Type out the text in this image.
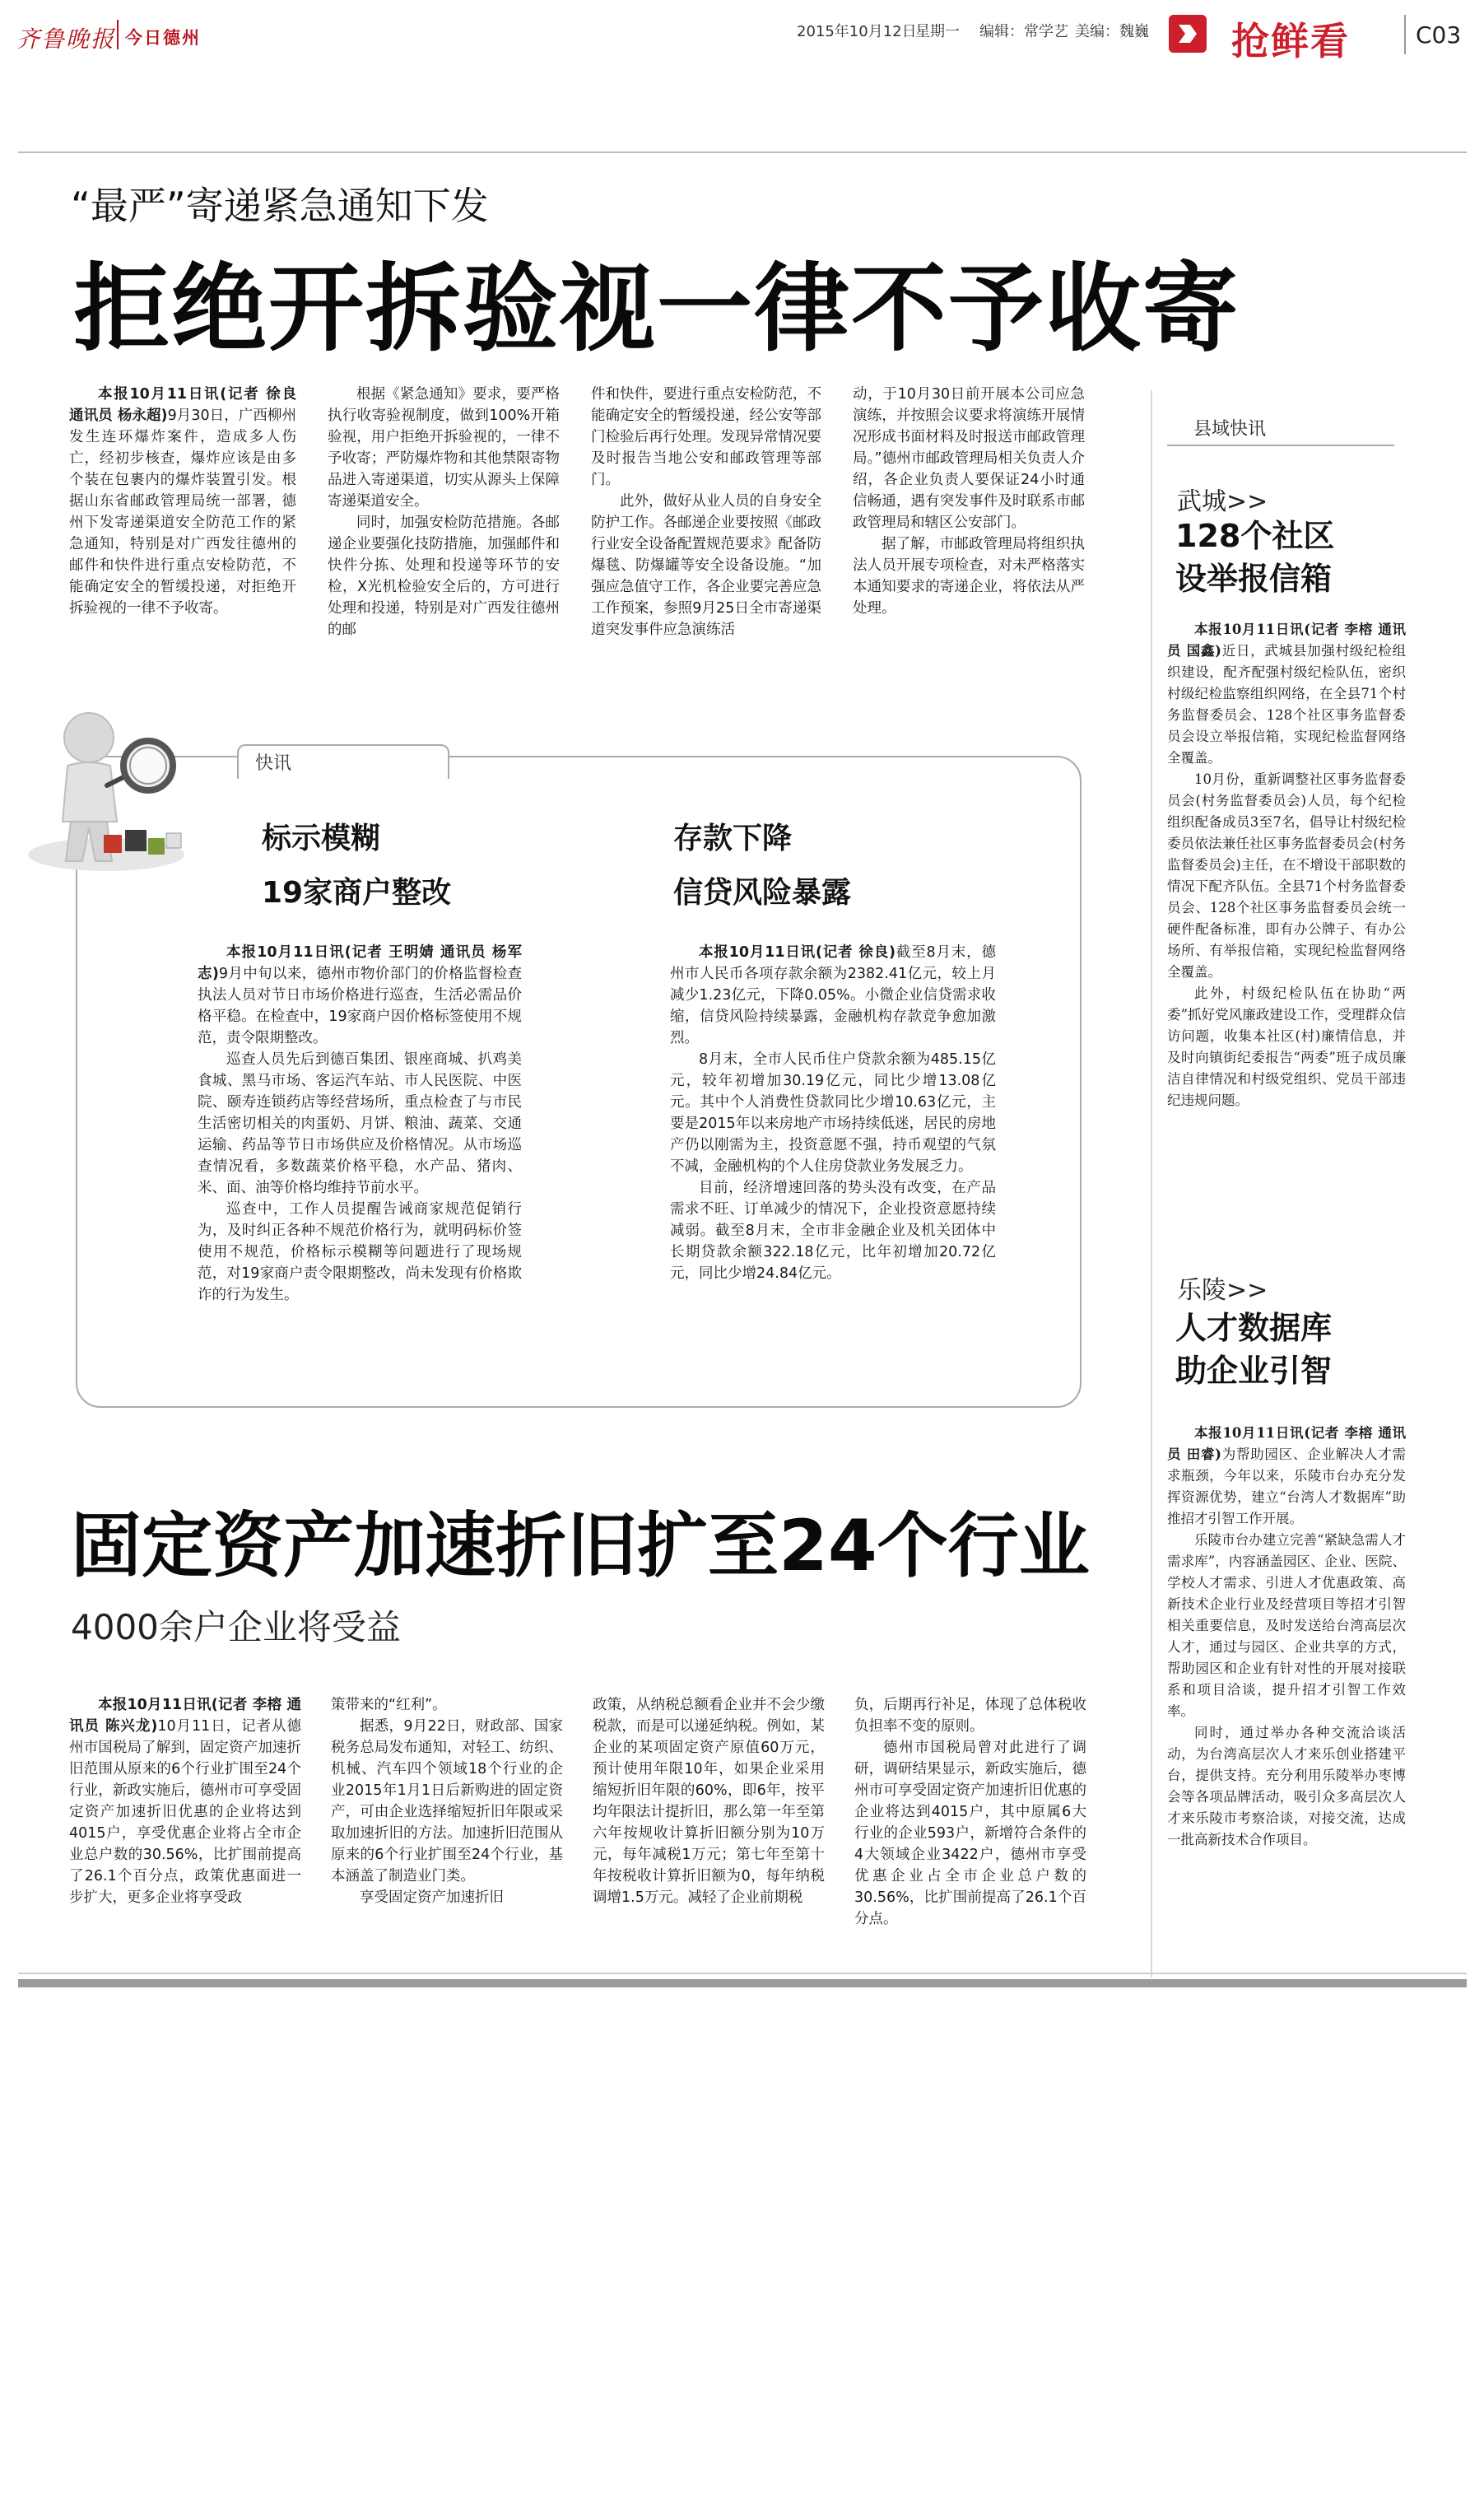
齐鲁晚报 今日德州	2015年10月12日
星期一 编辑：常学艺 美编：魏巍 抢鲜看	C03
“最严”寄递紧急通知下发
拒绝开拆验视一律不予收寄

本报10月11日讯(记者 徐良 通讯员 杨永超)9月30日，广西柳州发生连环爆炸案件，造成多人伤亡，经初步核查，爆炸应该是由多个装在包裹内的爆炸装置引发。根据山东省邮政管理局统一部署，德州下发寄递渠道安全防范工作的紧急通知，特别是对广西发往德州的邮件和快件进行重点安检防范，不能确定安全的暂缓投递，对拒绝开拆验视的一律不予收寄。

根据《紧急通知》要求，要严格执行收寄验视制度，做到100%开箱验视，用户拒绝开拆验视的，一律不予收寄；严防爆炸物和其他禁限寄物品进入寄递渠道，切实从源头上保障寄递渠道安全。

同时，加强安检防范措施。各邮递企业要强化技防措施，加强邮件和快件分拣、处理和投递等环节的安检，X光机检验安全后的，方可进行处理和投递，特别是对广西发往德州的邮

件和快件，要进行重点安检防范，不能确定安全的暂缓投递，经公安等部门检验后再行处理。发现异常情况要及时报告当地公安和邮政管理等部门。

此外，做好从业人员的自身安全防护工作。各邮递企业要按照《邮政行业安全设备配置规范要求》配备防爆毯、防爆罐等安全设备设施。“加强应急值守工作，各企业要完善应急工作预案，参照9月25日全市寄递渠道突发事件应急演练活

动，于10月30日前开展本公司应急演练，并按照会议要求将演练开展情况形成书面材料及时报送市邮政管理局。”德州市邮政管理局相关负责人介绍，各企业负责人要保证24小时通信畅通，遇有突发事件及时联系市邮政管理局和辖区公安部门。

据了解，市邮政管理局将组织执法人员开展专项检查，对未严格落实本通知要求的寄递企业，将依法从严处理。

快讯
标示模糊
19家商户整改

本报10月11日讯(记者 王明婧 通讯员 杨军志)9月中旬以来，德州市物价部门的价格监督检查执法人员对节日市场价格进行巡查，生活必需品价格平稳。在检查中，19家商户因价格标签使用不规范，责令限期整改。

巡查人员先后到德百集团、银座商城、扒鸡美食城、黑马市场、客运汽车站、市人民医院、中医院、颐寿连锁药店等经营场所，重点检查了与市民生活密切相关的肉蛋奶、月饼、粮油、蔬菜、交通运输、药品等节日市场供应及价格情况。从市场巡查情况看，多数蔬菜价格平稳，水产品、猪肉、米、面、油等价格均维持节前水平。

巡查中，工作人员提醒告诫商家规范促销行为，及时纠正各种不规范价格行为，就明码标价签使用不规范，价格标示模糊等问题进行了现场规范，对19家商户责令限期整改，尚未发现有价格欺诈的行为发生。

存款下降
信贷风险暴露

本报10月11日讯(记者 徐良)截至8月末，德州市人民币各项存款余额为2382.41亿元，较上月减少1.23亿元，下降0.05%。小微企业信贷需求收缩，信贷风险持续暴露，金融机构存款竞争愈加激烈。

8月末，全市人民币住户贷款余额为485.15亿元，较年初增加30.19亿元，同比少增13.08亿元。其中个人消费性贷款同比少增10.63亿元，主要是2015年以来房地产市场持续低迷，居民的房地产仍以刚需为主，投资意愿不强，持币观望的气氛不减，金融机构的个人住房贷款业务发展乏力。

目前，经济增速回落的势头没有改变，在产品需求不旺、订单减少的情况下，企业投资意愿持续减弱。截至8月末，全市非金融企业及机关团体中长期贷款余额322.18亿元，比年初增加20.72亿元，同比少增24.84亿元。

固定资产加速折旧扩至24个行业
4000余户企业将受益

本报10月11日讯(记者 李榕 通讯员 陈兴龙)10月11日，记者从德州市国税局了解到，固定资产加速折旧范围从原来的6个行业扩围至24个行业，新政实施后，德州市可享受固定资产加速折旧优惠的企业将达到4015户，享受优惠企业将占全市企业总户数的30.56%，比扩围前提高了26.1个百分点，政策优惠面进一步扩大，更多企业将享受政

策带来的“红利”。

据悉，9月22日，财政部、国家税务总局发布通知，对轻工、纺织、机械、汽车四个领域18个行业的企业2015年1月1日后新购进的固定资产，可由企业选择缩短折旧年限或采取加速折旧的方法。加速折旧范围从原来的6个行业扩围至24个行业，基本涵盖了制造业门类。

享受固定资产加速折旧

政策，从纳税总额看企业并不会少缴税款，而是可以递延纳税。例如，某企业的某项固定资产原值60万元，预计使用年限10年，如果企业采用缩短折旧年限的60%，即6年，按平均年限法计提折旧，那么第一年至第六年按规收计算折旧额分别为10万元，每年减税1万元；第七年至第十年按税收计算折旧额为0，每年纳税调增1.5万元。减轻了企业前期税

负，后期再行补足，体现了总体税收负担率不变的原则。

德州市国税局曾对此进行了调研，调研结果显示，新政实施后，德州市可享受固定资产加速折旧优惠的企业将达到4015户，其中原属6大行业的企业593户，新增符合条件的4大领域企业3422户，德州市享受优惠企业占全市企业总户数的30.56%，比扩围前提高了26.1个百分点。

县域快讯
武城>>
128个社区
设举报信箱

本报10月11日讯(记者 李榕 通讯员 国鑫)近日，武城县加强村级纪检组织建设，配齐配强村级纪检队伍，密织村级纪检监察组织网络，在全县71个村务监督委员会、128个社区事务监督委员会设立举报信箱，实现纪检监督网络全覆盖。

10月份，重新调整社区事务监督委员会(村务监督委员会)人员，每个纪检组织配备成员3至7名，倡导让村级纪检委员依法兼任社区事务监督委员会(村务监督委员会)主任，在不增设干部职数的情况下配齐队伍。全县71个村务监督委员会、128个社区事务监督委员会统一硬件配备标准，即有办公牌子、有办公场所、有举报信箱，实现纪检监督网络全覆盖。

此外，村级纪检队伍在协助“两委”抓好党风廉政建设工作，受理群众信访问题，收集本社区(村)廉情信息，并及时向镇街纪委报告“两委”班子成员廉洁自律情况和村级党组织、党员干部违纪违规问题。

乐陵>>
人才数据库
助企业引智

本报10月11日讯(记者 李榕 通讯员 田睿)为帮助园区、企业解决人才需求瓶颈，今年以来，乐陵市台办充分发挥资源优势，建立“台湾人才数据库”助推招才引智工作开展。

乐陵市台办建立完善“紧缺急需人才需求库”，内容涵盖园区、企业、医院、学校人才需求、引进人才优惠政策、高新技术企业行业及经营项目等招才引智相关重要信息，及时发送给台湾高层次人才，通过与园区、企业共享的方式，帮助园区和企业有针对性的开展对接联系和项目洽谈，提升招才引智工作效率。

同时，通过举办各种交流洽谈活动，为台湾高层次人才来乐创业搭建平台，提供支持。充分利用乐陵举办枣博会等各项品牌活动，吸引众多高层次人才来乐陵市考察洽谈，对接交流，达成一批高新技术合作项目。
